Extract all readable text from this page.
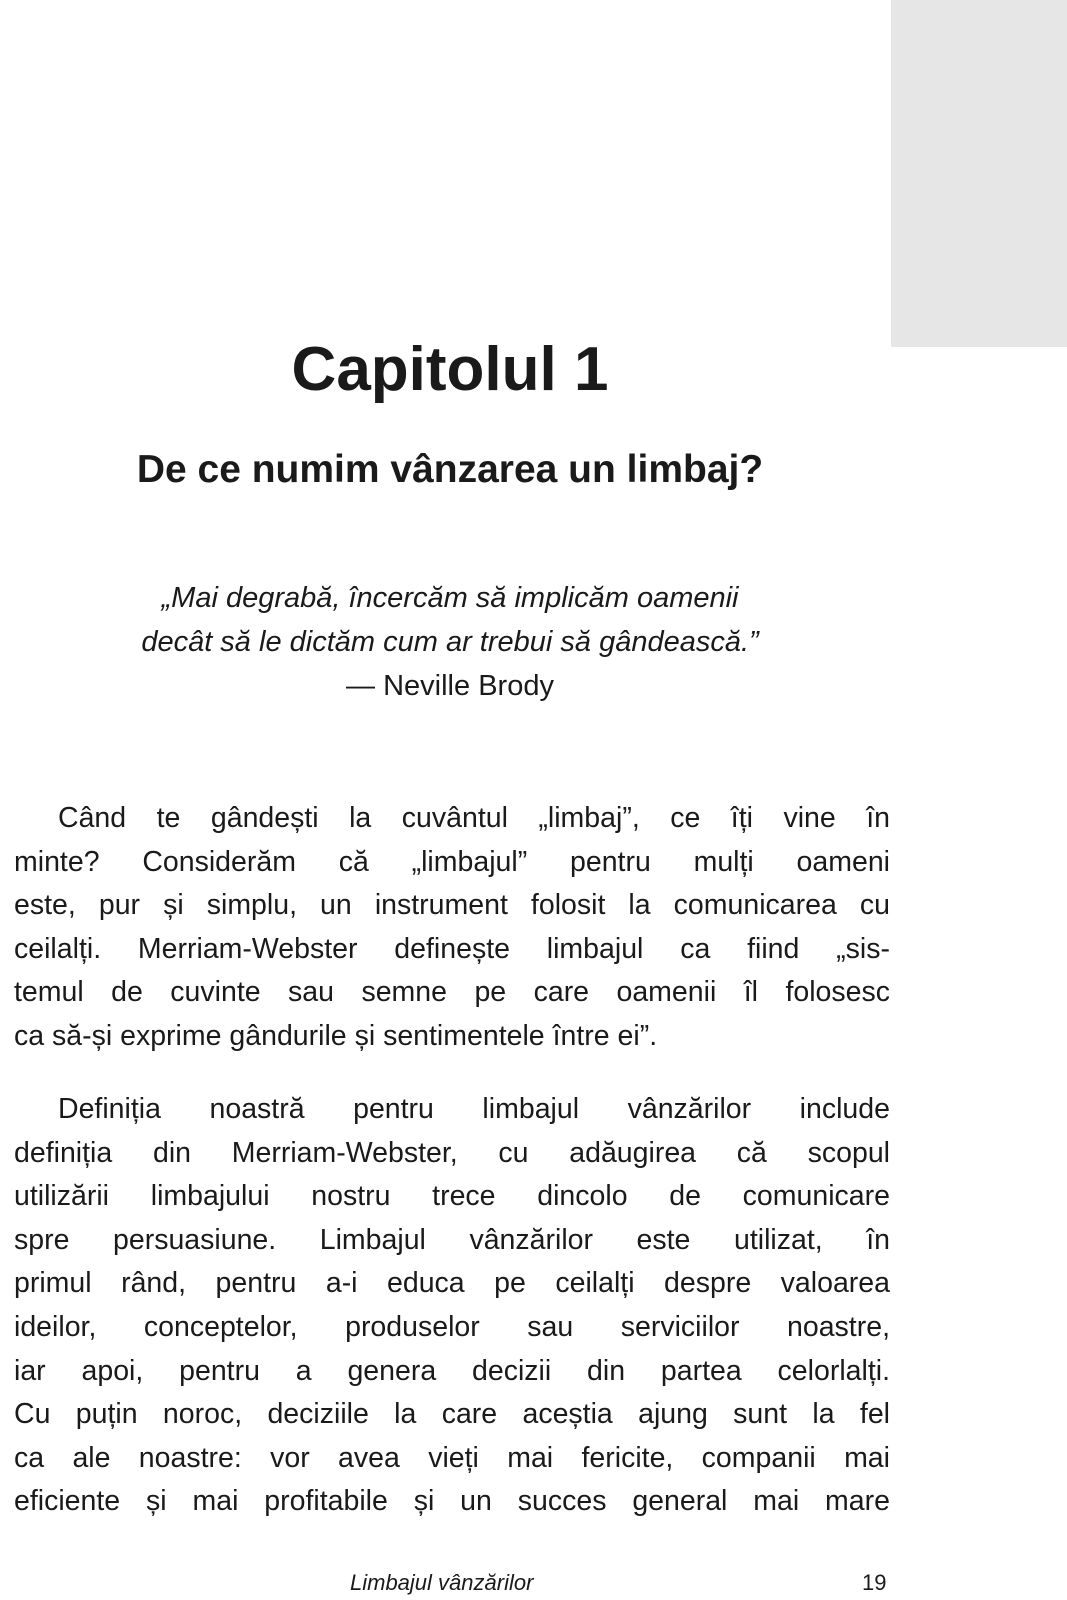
Capitolul 1
De ce numim vânzarea un limbaj?
„Mai degrabă, încercăm să implicăm oamenii
decât să le dictăm cum ar trebui să gândească.”
— Neville Brody
Când te gândești la cuvântul „limbaj”, ce îți vine în
minte? Considerăm că „limbajul” pentru mulți oameni
este, pur și simplu, un instrument folosit la comunicarea cu
ceilalți. Merriam-Webster definește limbajul ca fiind „sis-
temul de cuvinte sau semne pe care oamenii îl folosesc
ca să-și exprime gândurile și sentimentele între ei”.
Definiția noastră pentru limbajul vânzărilor include
definiția din Merriam-Webster, cu adăugirea că scopul
utilizării limbajului nostru trece dincolo de comunicare
spre persuasiune. Limbajul vânzărilor este utilizat, în
primul rând, pentru a-i educa pe ceilalți despre valoarea
ideilor, conceptelor, produselor sau serviciilor noastre,
iar apoi, pentru a genera decizii din partea celorlalți.
Cu puțin noroc, deciziile la care aceștia ajung sunt la fel
ca ale noastre: vor avea vieți mai fericite, companii mai
eficiente și mai profitabile și un succes general mai mare
Limbajul vânzărilor	19
